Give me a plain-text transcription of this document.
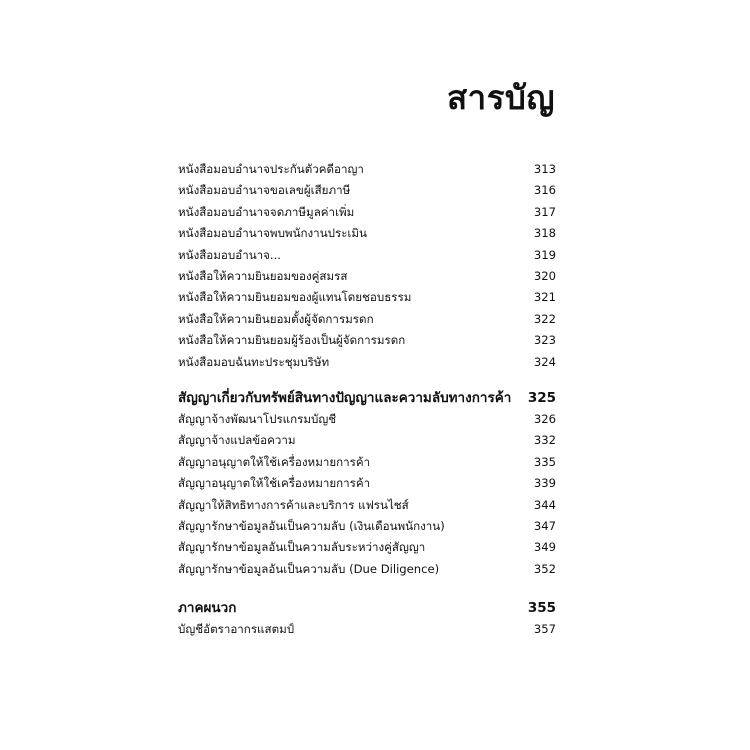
สารบัญ
หนังสือมอบอำนาจประกันตัวคดีอาญา	313
หนังสือมอบอำนาจขอเลขผู้เสียภาษี	316
หนังสือมอบอำนาจจดภาษีมูลค่าเพิ่ม	317
หนังสือมอบอำนาจพบพนักงานประเมิน	318
หนังสือมอบอำนาจ...	319
หนังสือให้ความยินยอมของคู่สมรส	320
หนังสือให้ความยินยอมของผู้แทนโดยชอบธรรม	321
หนังสือให้ความยินยอมตั้งผู้จัดการมรดก	322
หนังสือให้ความยินยอมผู้ร้องเป็นผู้จัดการมรดก	323
หนังสือมอบฉันทะประชุมบริษัท	324
สัญญาเกี่ยวกับทรัพย์สินทางปัญญาและความลับทางการค้า 325
สัญญาจ้างพัฒนาโปรแกรมบัญชี	326
สัญญาจ้างแปลข้อความ	332
สัญญาอนุญาตให้ใช้เครื่องหมายการค้า	335
สัญญาอนุญาตให้ใช้เครื่องหมายการค้า	339
สัญญาให้สิทธิทางการค้าและบริการ แฟรนไชส์	344
สัญญารักษาข้อมูลอันเป็นความลับ (เงินเดือนพนักงาน)	347
สัญญารักษาข้อมูลอันเป็นความลับระหว่างคู่สัญญา	349
สัญญารักษาข้อมูลอันเป็นความลับ (Due Diligence)	352
ภาคผนวก	355
บัญชีอัตราอากรแสตมป์	357
